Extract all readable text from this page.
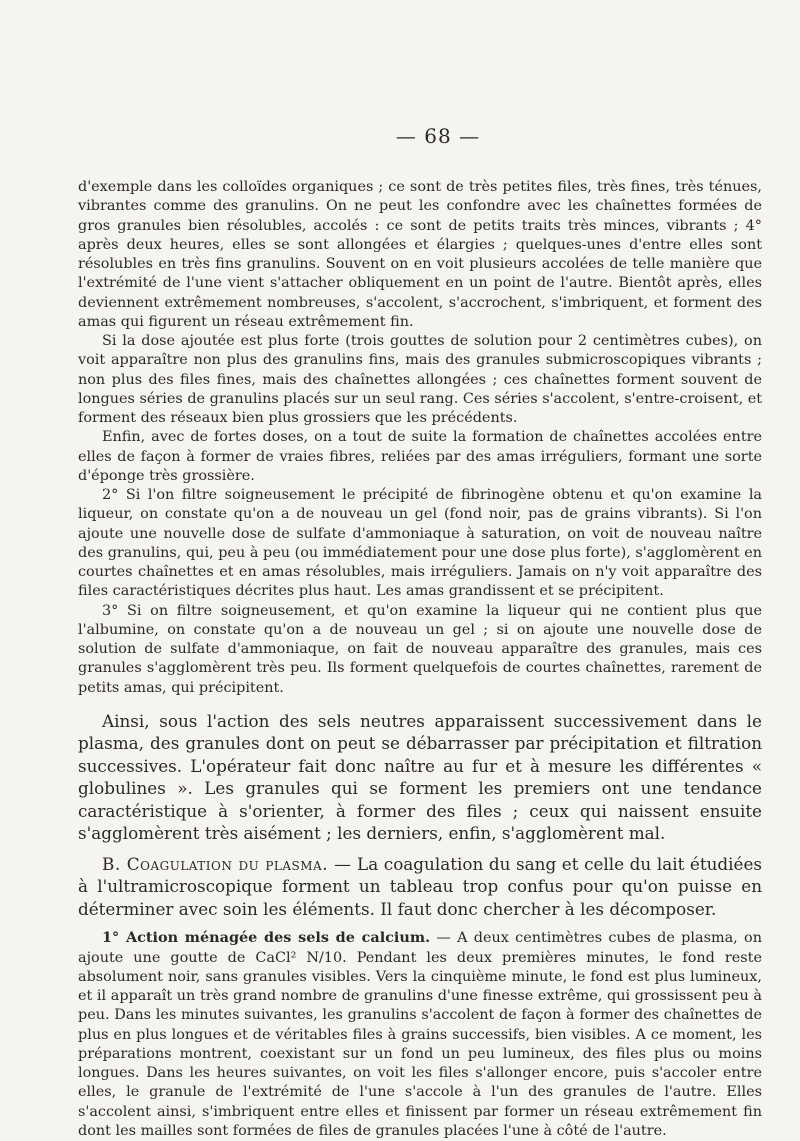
— 68 —

d'exemple dans les colloïdes organiques ; ce sont de très petites files, très fines, très ténues, vibrantes comme des granulins. On ne peut les confondre avec les chaînettes formées de gros granules bien résolubles, accolés : ce sont de petits traits très minces, vibrants ; 4° après deux heures, elles se sont allongées et élargies ; quelques-unes d'entre elles sont résolubles en très fins granulins. Souvent on en voit plusieurs accolées de telle manière que l'extrémité de l'une vient s'attacher obliquement en un point de l'autre. Bientôt après, elles deviennent extrêmement nombreuses, s'accolent, s'accrochent, s'imbriquent, et forment des amas qui figurent un réseau extrêmement fin.

Si la dose ajoutée est plus forte (trois gouttes de solution pour 2 centimètres cubes), on voit apparaître non plus des granulins fins, mais des granules submicroscopiques vibrants ; non plus des files fines, mais des chaînettes allongées ; ces chaînettes forment souvent de longues séries de granulins placés sur un seul rang. Ces séries s'accolent, s'entre-croisent, et forment des réseaux bien plus grossiers que les précédents.

Enfin, avec de fortes doses, on a tout de suite la formation de chaînettes accolées entre elles de façon à former de vraies fibres, reliées par des amas irréguliers, formant une sorte d'éponge très grossière.

2° Si l'on filtre soigneusement le précipité de fibrinogène obtenu et qu'on examine la liqueur, on constate qu'on a de nouveau un gel (fond noir, pas de grains vibrants). Si l'on ajoute une nouvelle dose de sulfate d'ammoniaque à saturation, on voit de nouveau naître des granulins, qui, peu à peu (ou immédiatement pour une dose plus forte), s'agglomèrent en courtes chaînettes et en amas résolubles, mais irréguliers. Jamais on n'y voit apparaître des files caractéristiques décrites plus haut. Les amas grandissent et se précipitent.

3° Si on filtre soigneusement, et qu'on examine la liqueur qui ne contient plus que l'albumine, on constate qu'on a de nouveau un gel ; si on ajoute une nouvelle dose de solution de sulfate d'ammoniaque, on fait de nouveau apparaître des granules, mais ces granules s'agglomèrent très peu. Ils forment quelquefois de courtes chaînettes, rarement de petits amas, qui précipitent.

Ainsi, sous l'action des sels neutres apparaissent successivement dans le plasma, des granules dont on peut se débarrasser par précipitation et filtration successives. L'opérateur fait donc naître au fur et à mesure les différentes « globulines ». Les granules qui se forment les premiers ont une tendance caractéristique à s'orienter, à former des files ; ceux qui naissent ensuite s'agglomèrent très aisément ; les derniers, enfin, s'agglomèrent mal.

B. Coagulation du plasma. — La coagulation du sang et celle du lait étudiées à l'ultramicroscopique forment un tableau trop confus pour qu'on puisse en déterminer avec soin les éléments. Il faut donc chercher à les décomposer.

1° Action ménagée des sels de calcium. — A deux centimètres cubes de plasma, on ajoute une goutte de CaCl² N/10. Pendant les deux premières minutes, le fond reste absolument noir, sans granules visibles. Vers la cinquième minute, le fond est plus lumineux, et il apparaît un très grand nombre de granulins d'une finesse extrême, qui grossissent peu à peu. Dans les minutes suivantes, les granulins s'accolent de façon à former des chaînettes de plus en plus longues et de véritables files à grains successifs, bien visibles. A ce moment, les préparations montrent, coexistant sur un fond un peu lumineux, des files plus ou moins longues. Dans les heures suivantes, on voit les files s'allonger encore, puis s'accoler entre elles, le granule de l'extrémité de l'une s'accole à l'un des granules de l'autre. Elles s'accolent ainsi, s'imbriquent entre elles et finissent par former un réseau extrêmement fin dont les mailles sont formées de files de granules placées l'une à côté de l'autre.
